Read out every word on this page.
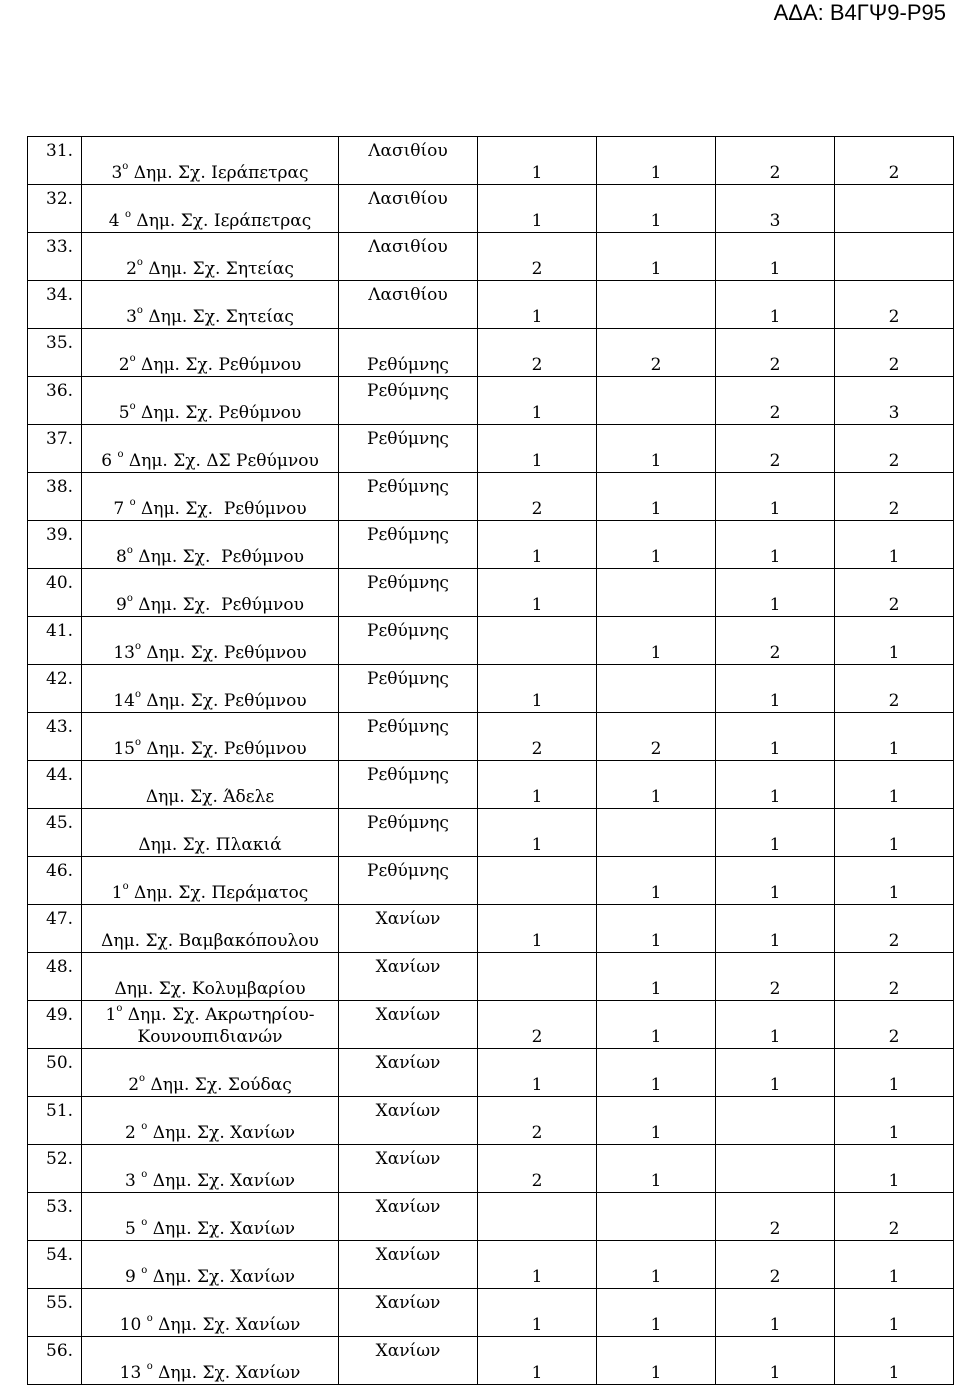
ΑΔΑ: Β4ΓΨ9-Ρ95
31.	$3^o$ Δημ. Σχ. Ιεράπετρας	Λασιθίου	1	1	2	2

32.	4 $^o$ Δημ. Σχ. Ιεράπετρας	Λασιθίου	1	1	3	

33.	$2^o$ Δημ. Σχ. Σητείας	Λασιθίου	2	1	1	

34.	$3^o$ Δημ. Σχ. Σητείας	Λασιθίου	1		1	2

35.	$2^o$ Δημ. Σχ. Ρεθύμνου	Ρεθύμνης	2	2	2	2

36.	$5^o$ Δημ. Σχ. Ρεθύμνου	Ρεθύμνης	1		2	3

37.	6 $^o$ Δημ. Σχ. ΔΣ Ρεθύμνου	Ρεθύμνης	1	1	2	2

38.	7 $^o$ Δημ. Σχ.  Ρεθύμνου	Ρεθύμνης	2	1	1	2

39.	$8^o$ Δημ. Σχ.  Ρεθύμνου	Ρεθύμνης	1	1	1	1

40.	$9^o$ Δημ. Σχ.  Ρεθύμνου	Ρεθύμνης	1		1	2

41.	$13^o$ Δημ. Σχ. Ρεθύμνου	Ρεθύμνης		1	2	1

42.	$14^o$ Δημ. Σχ. Ρεθύμνου	Ρεθύμνης	1		1	2

43.	$15^o$ Δημ. Σχ. Ρεθύμνου	Ρεθύμνης	2	2	1	1

44.	Δημ. Σχ. Άδελε	Ρεθύμνης	1	1	1	1

45.	Δημ. Σχ. Πλακιά	Ρεθύμνης	1		1	1

46.	$1^o$ Δημ. Σχ. Περάματος	Ρεθύμνης		1	1	1

47.	Δημ. Σχ. Βαμβακόπουλου	Χανίων	1	1	1	2

48.	Δημ. Σχ. Κολυμβαρίου	Χανίων		1	2	2

49.	$1^o$ Δημ. Σχ. Ακρωτηρίου-
Κουνουπιδιανών	Χανίων	2	1	1	2

50.	$2^o$ Δημ. Σχ. Σούδας	Χανίων	1	1	1	1

51.	2 $^o$ Δημ. Σχ. Χανίων	Χανίων	2	1		1

52.	3 $^o$ Δημ. Σχ. Χανίων	Χανίων	2	1		1

53.	5 $^o$ Δημ. Σχ. Χανίων	Χανίων			2	2

54.	9 $^o$ Δημ. Σχ. Χανίων	Χανίων	1	1	2	1

55.	10 $^o$ Δημ. Σχ. Χανίων	Χανίων	1	1	1	1

56.	13 $^o$ Δημ. Σχ. Χανίων	Χανίων	1	1	1	1
